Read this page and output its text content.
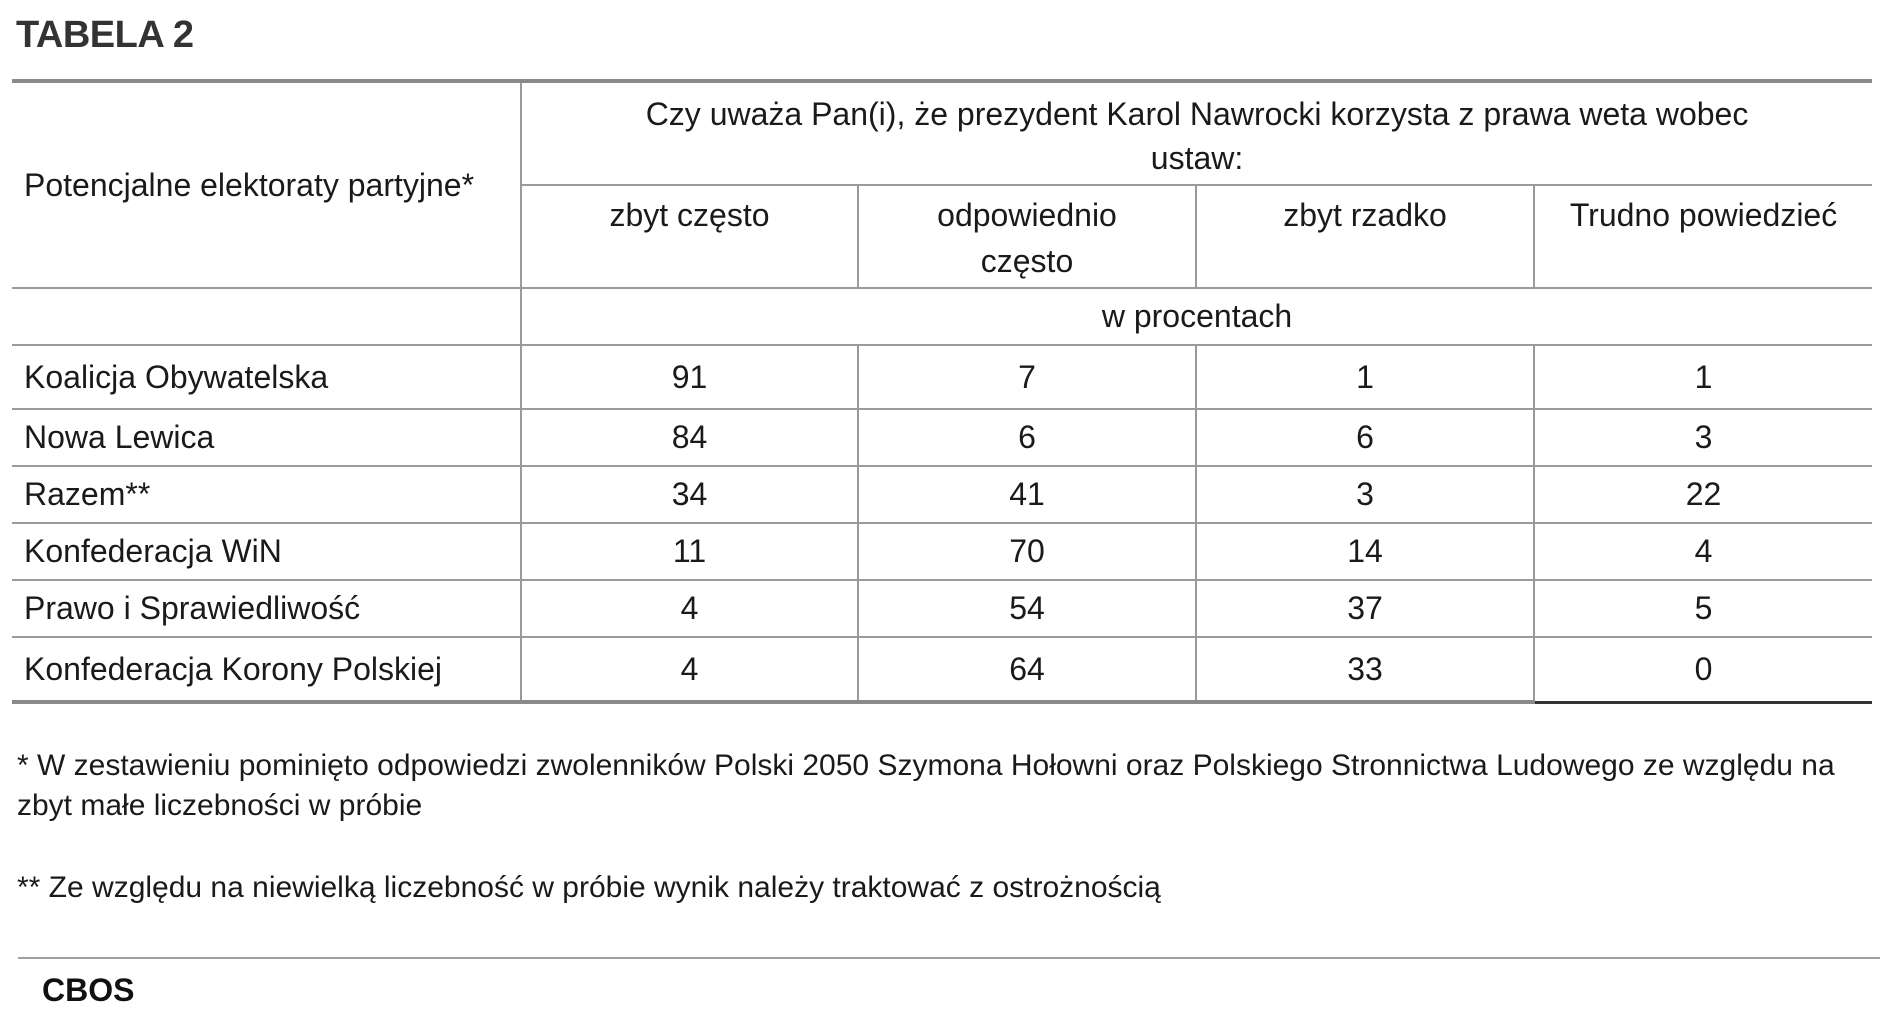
TABELA 2
Potencjalne elektoraty partyjne*	Czy uważa Pan(i), że prezydent Karol Nawrocki korzysta z prawa weta wobec ustaw:			
	zbyt często	odpowiednio często	zbyt rzadko	Trudno powiedzieć
	w procentach			
Koalicja Obywatelska	91	7	1	1
Nowa Lewica	84	6	6	3
Razem**	34	41	3	22
Konfederacja WiN	11	70	14	4
Prawo i Sprawiedliwość	4	54	37	5
Konfederacja Korony Polskiej	4	64	33	0
* W zestawieniu pominięto odpowiedzi zwolenników Polski 2050 Szymona Hołowni oraz Polskiego Stronnictwa Ludowego ze względu na zbyt małe liczebności w próbie
** Ze względu na niewielką liczebność w próbie wynik należy traktować z ostrożnością
CBOS
